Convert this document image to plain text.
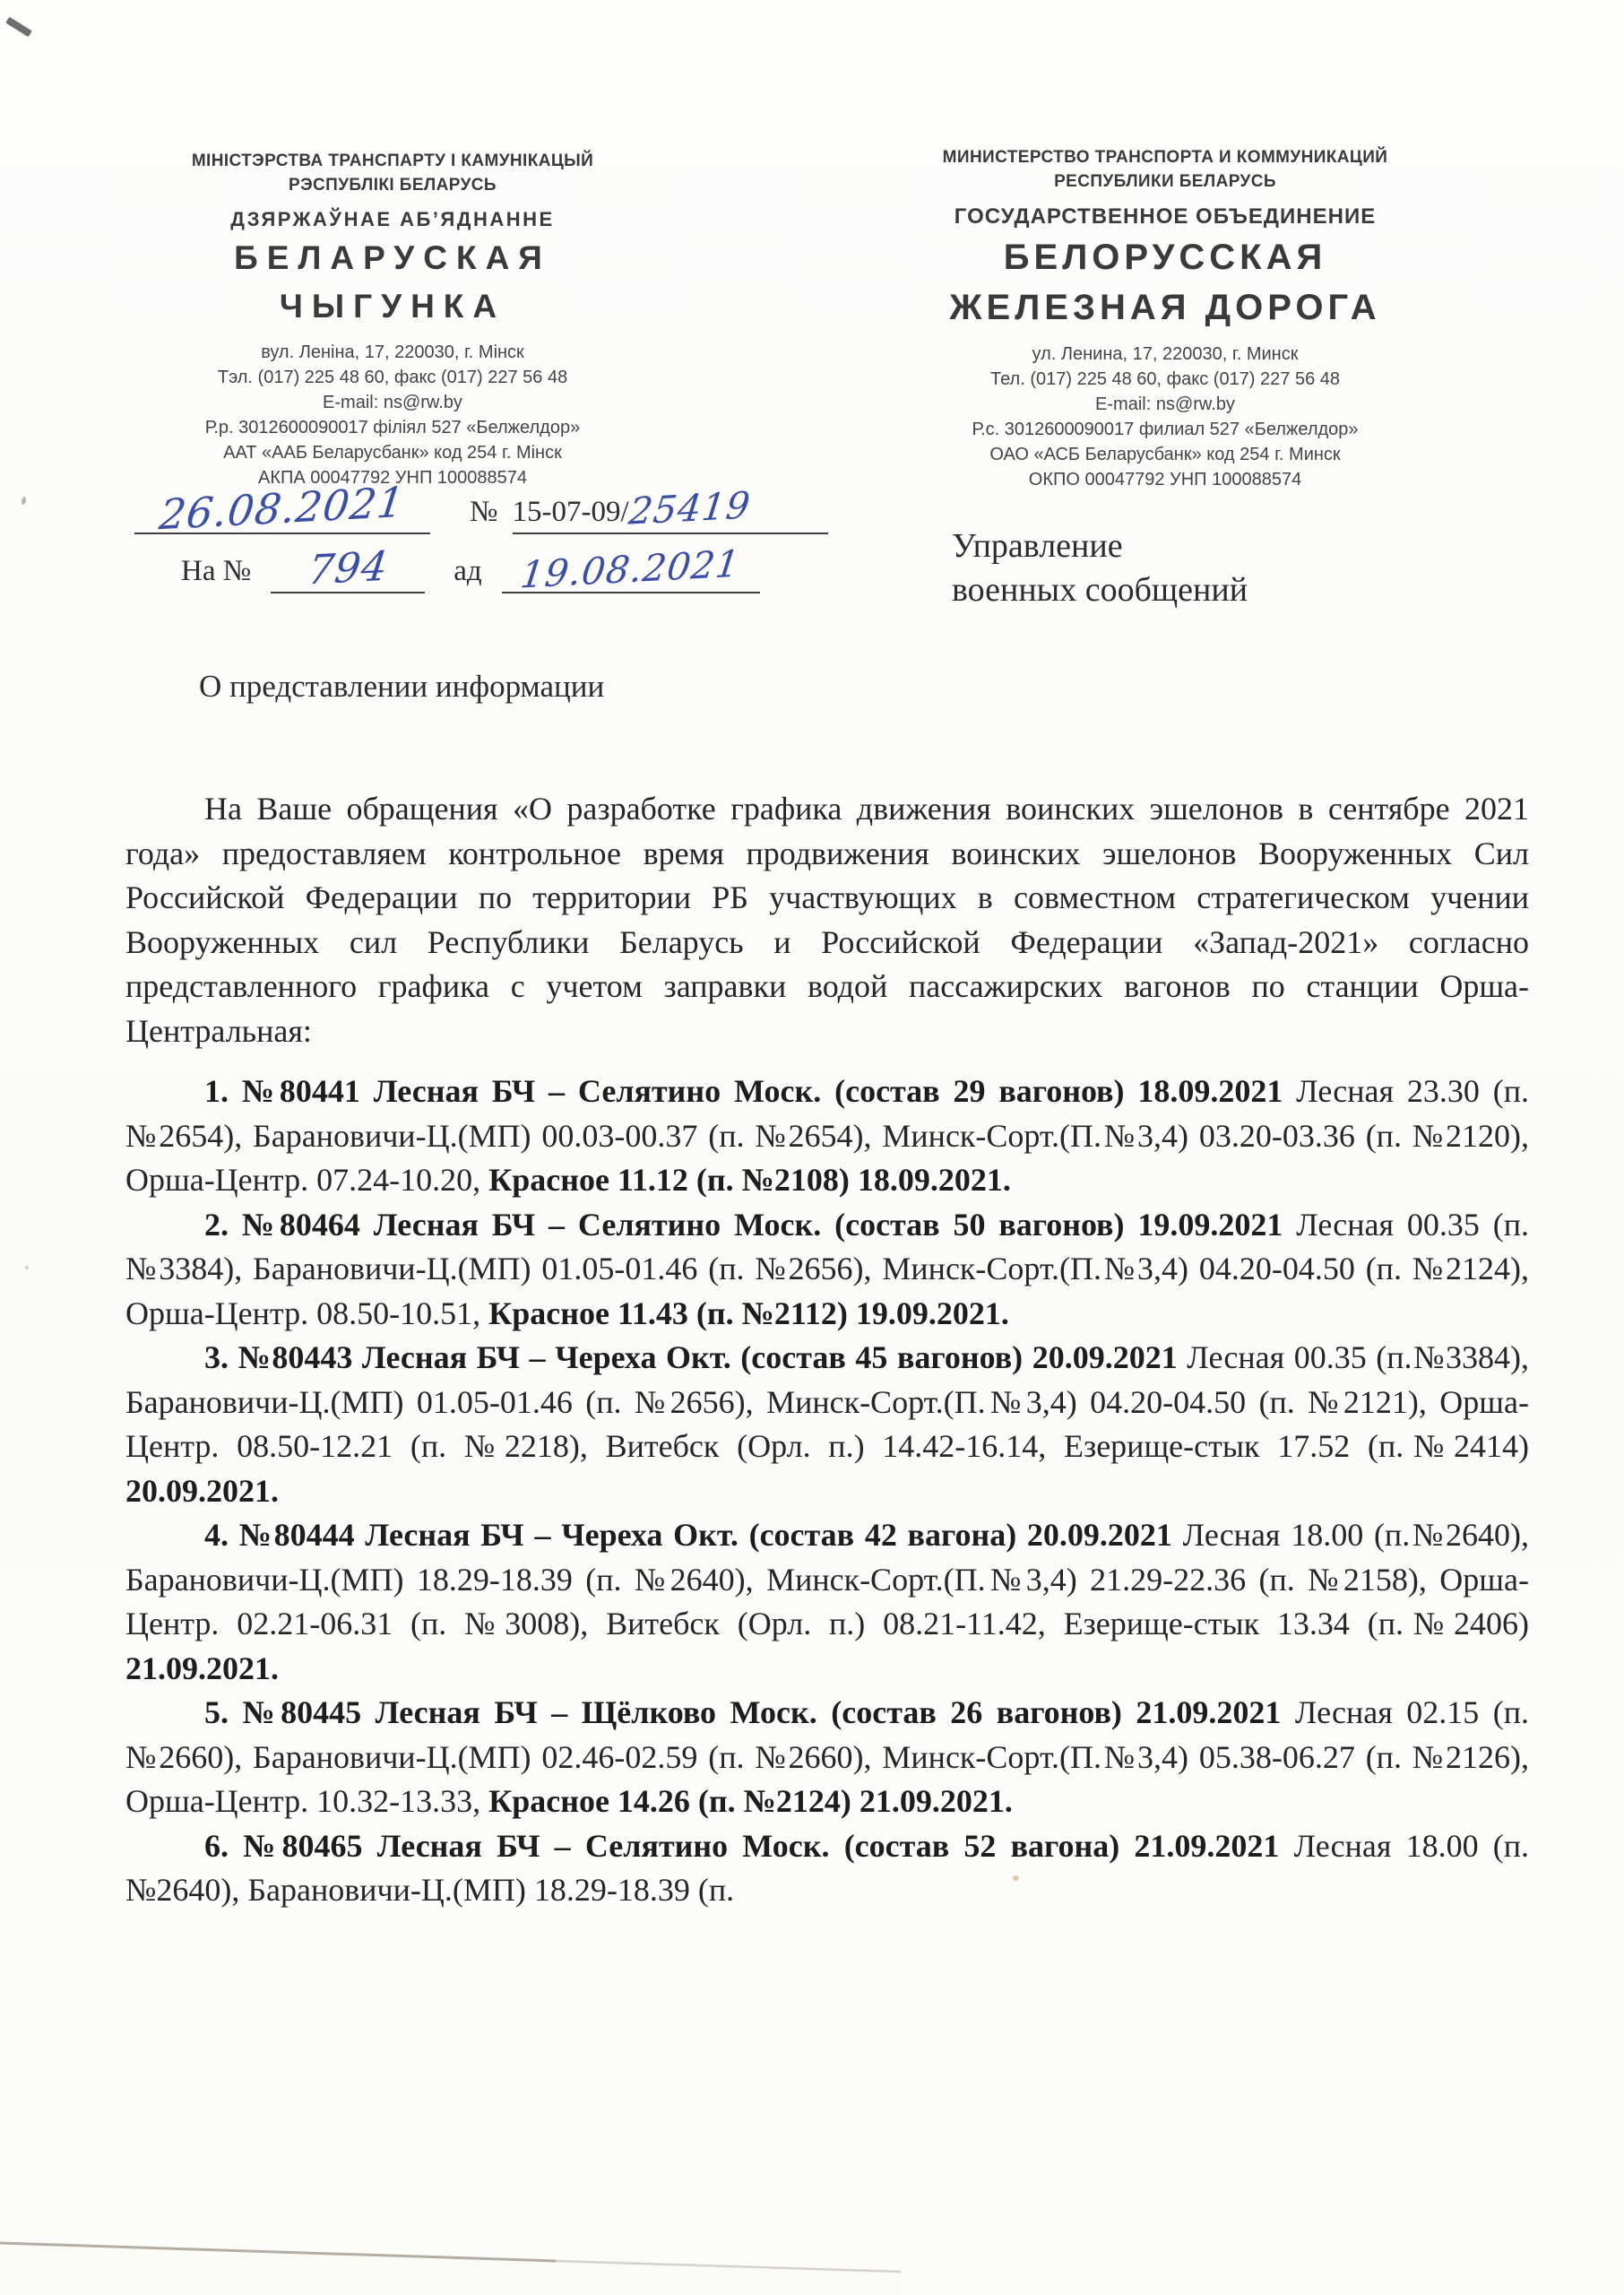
МІНІСТЭРСТВА ТРАНСПАРТУ І КАМУНІКАЦЫЙ
РЭСПУБЛІКІ БЕЛАРУСЬ
ДЗЯРЖАЎНАЕ АБ’ЯДНАННЕ
БЕЛАРУСКАЯ
ЧЫГУНКА
вул. Леніна, 17, 220030, г. Мінск
Тэл. (017) 225 48 60, факс (017) 227 56 48
E-mail: ns@rw.by
Р.р. 3012600090017 філіял 527 «Белжелдор»
ААТ «ААБ Беларусбанк» код 254 г. Мінск
АКПА 00047792 УНП 100088574
МИНИСТЕРСТВО ТРАНСПОРТА И КОММУНИКАЦИЙ
РЕСПУБЛИКИ БЕЛАРУСЬ
ГОСУДАРСТВЕННОЕ ОБЪЕДИНЕНИЕ
БЕЛОРУССКАЯ
ЖЕЛЕЗНАЯ ДОРОГА
ул. Ленина, 17, 220030, г. Минск
Тел. (017) 225 48 60, факс (017) 227 56 48
E-mail: ns@rw.by
Р.с. 3012600090017 филиал 527 «Белжелдор»
ОАО «АСБ Беларусбанк» код 254 г. Минск
ОКПО 00047792 УНП 100088574
26.08.2021	№ 15-07-09/25419
На №	794	ад 19.08.2021	Управление
военных сообщений
О представлении информации

На Ваше обращения «О разработке графика движения воинских эшелонов в сентябре 2021 года» предоставляем контрольное время продвижения воинских эшелонов Вооруженных Сил Российской Федерации по территории РБ участвующих в совместном стратегическом учении Вооруженных сил Республики Беларусь и Российской Федерации «Запад-2021» согласно представленного графика с учетом заправки водой пассажирских вагонов по станции Орша-Центральная:

1. №80441 Лесная БЧ – Селятино Моск. (состав 29 вагонов) 18.09.2021 Лесная 23.30 (п.№2654), Барановичи-Ц.(МП) 00.03-00.37 (п. №2654), Минск-Сорт.(П.№3,4) 03.20-03.36 (п. №2120), Орша-Центр. 07.24-10.20, Красное 11.12 (п. №2108) 18.09.2021.

2. №80464 Лесная БЧ – Селятино Моск. (состав 50 вагонов) 19.09.2021 Лесная 00.35 (п.№3384), Барановичи-Ц.(МП) 01.05-01.46 (п. №2656), Минск-Сорт.(П.№3,4) 04.20-04.50 (п. №2124), Орша-Центр. 08.50-10.51, Красное 11.43 (п. №2112) 19.09.2021.

3. №80443 Лесная БЧ – Череха Окт. (состав 45 вагонов) 20.09.2021 Лесная 00.35 (п.№3384), Барановичи-Ц.(МП) 01.05-01.46 (п. №2656), Минск-Сорт.(П.№3,4) 04.20-04.50 (п. №2121), Орша-Центр. 08.50-12.21 (п. №2218), Витебск (Орл. п.) 14.42-16.14, Езерище-стык 17.52 (п.№2414) 20.09.2021.

4. №80444 Лесная БЧ – Череха Окт. (состав 42 вагона) 20.09.2021 Лесная 18.00 (п.№2640), Барановичи-Ц.(МП) 18.29-18.39 (п. №2640), Минск-Сорт.(П.№3,4) 21.29-22.36 (п. №2158), Орша-Центр. 02.21-06.31 (п. №3008), Витебск (Орл. п.) 08.21-11.42, Езерище-стык 13.34 (п.№2406) 21.09.2021.

5. №80445 Лесная БЧ – Щёлково Моск. (состав 26 вагонов) 21.09.2021 Лесная 02.15 (п.№2660), Барановичи-Ц.(МП) 02.46-02.59 (п. №2660), Минск-Сорт.(П.№3,4) 05.38-06.27 (п. №2126), Орша-Центр. 10.32-13.33, Красное 14.26 (п. №2124) 21.09.2021.

6. №80465 Лесная БЧ – Селятино Моск. (состав 52 вагона) 21.09.2021 Лесная 18.00 (п.№2640), Барановичи-Ц.(МП) 18.29-18.39 (п.
